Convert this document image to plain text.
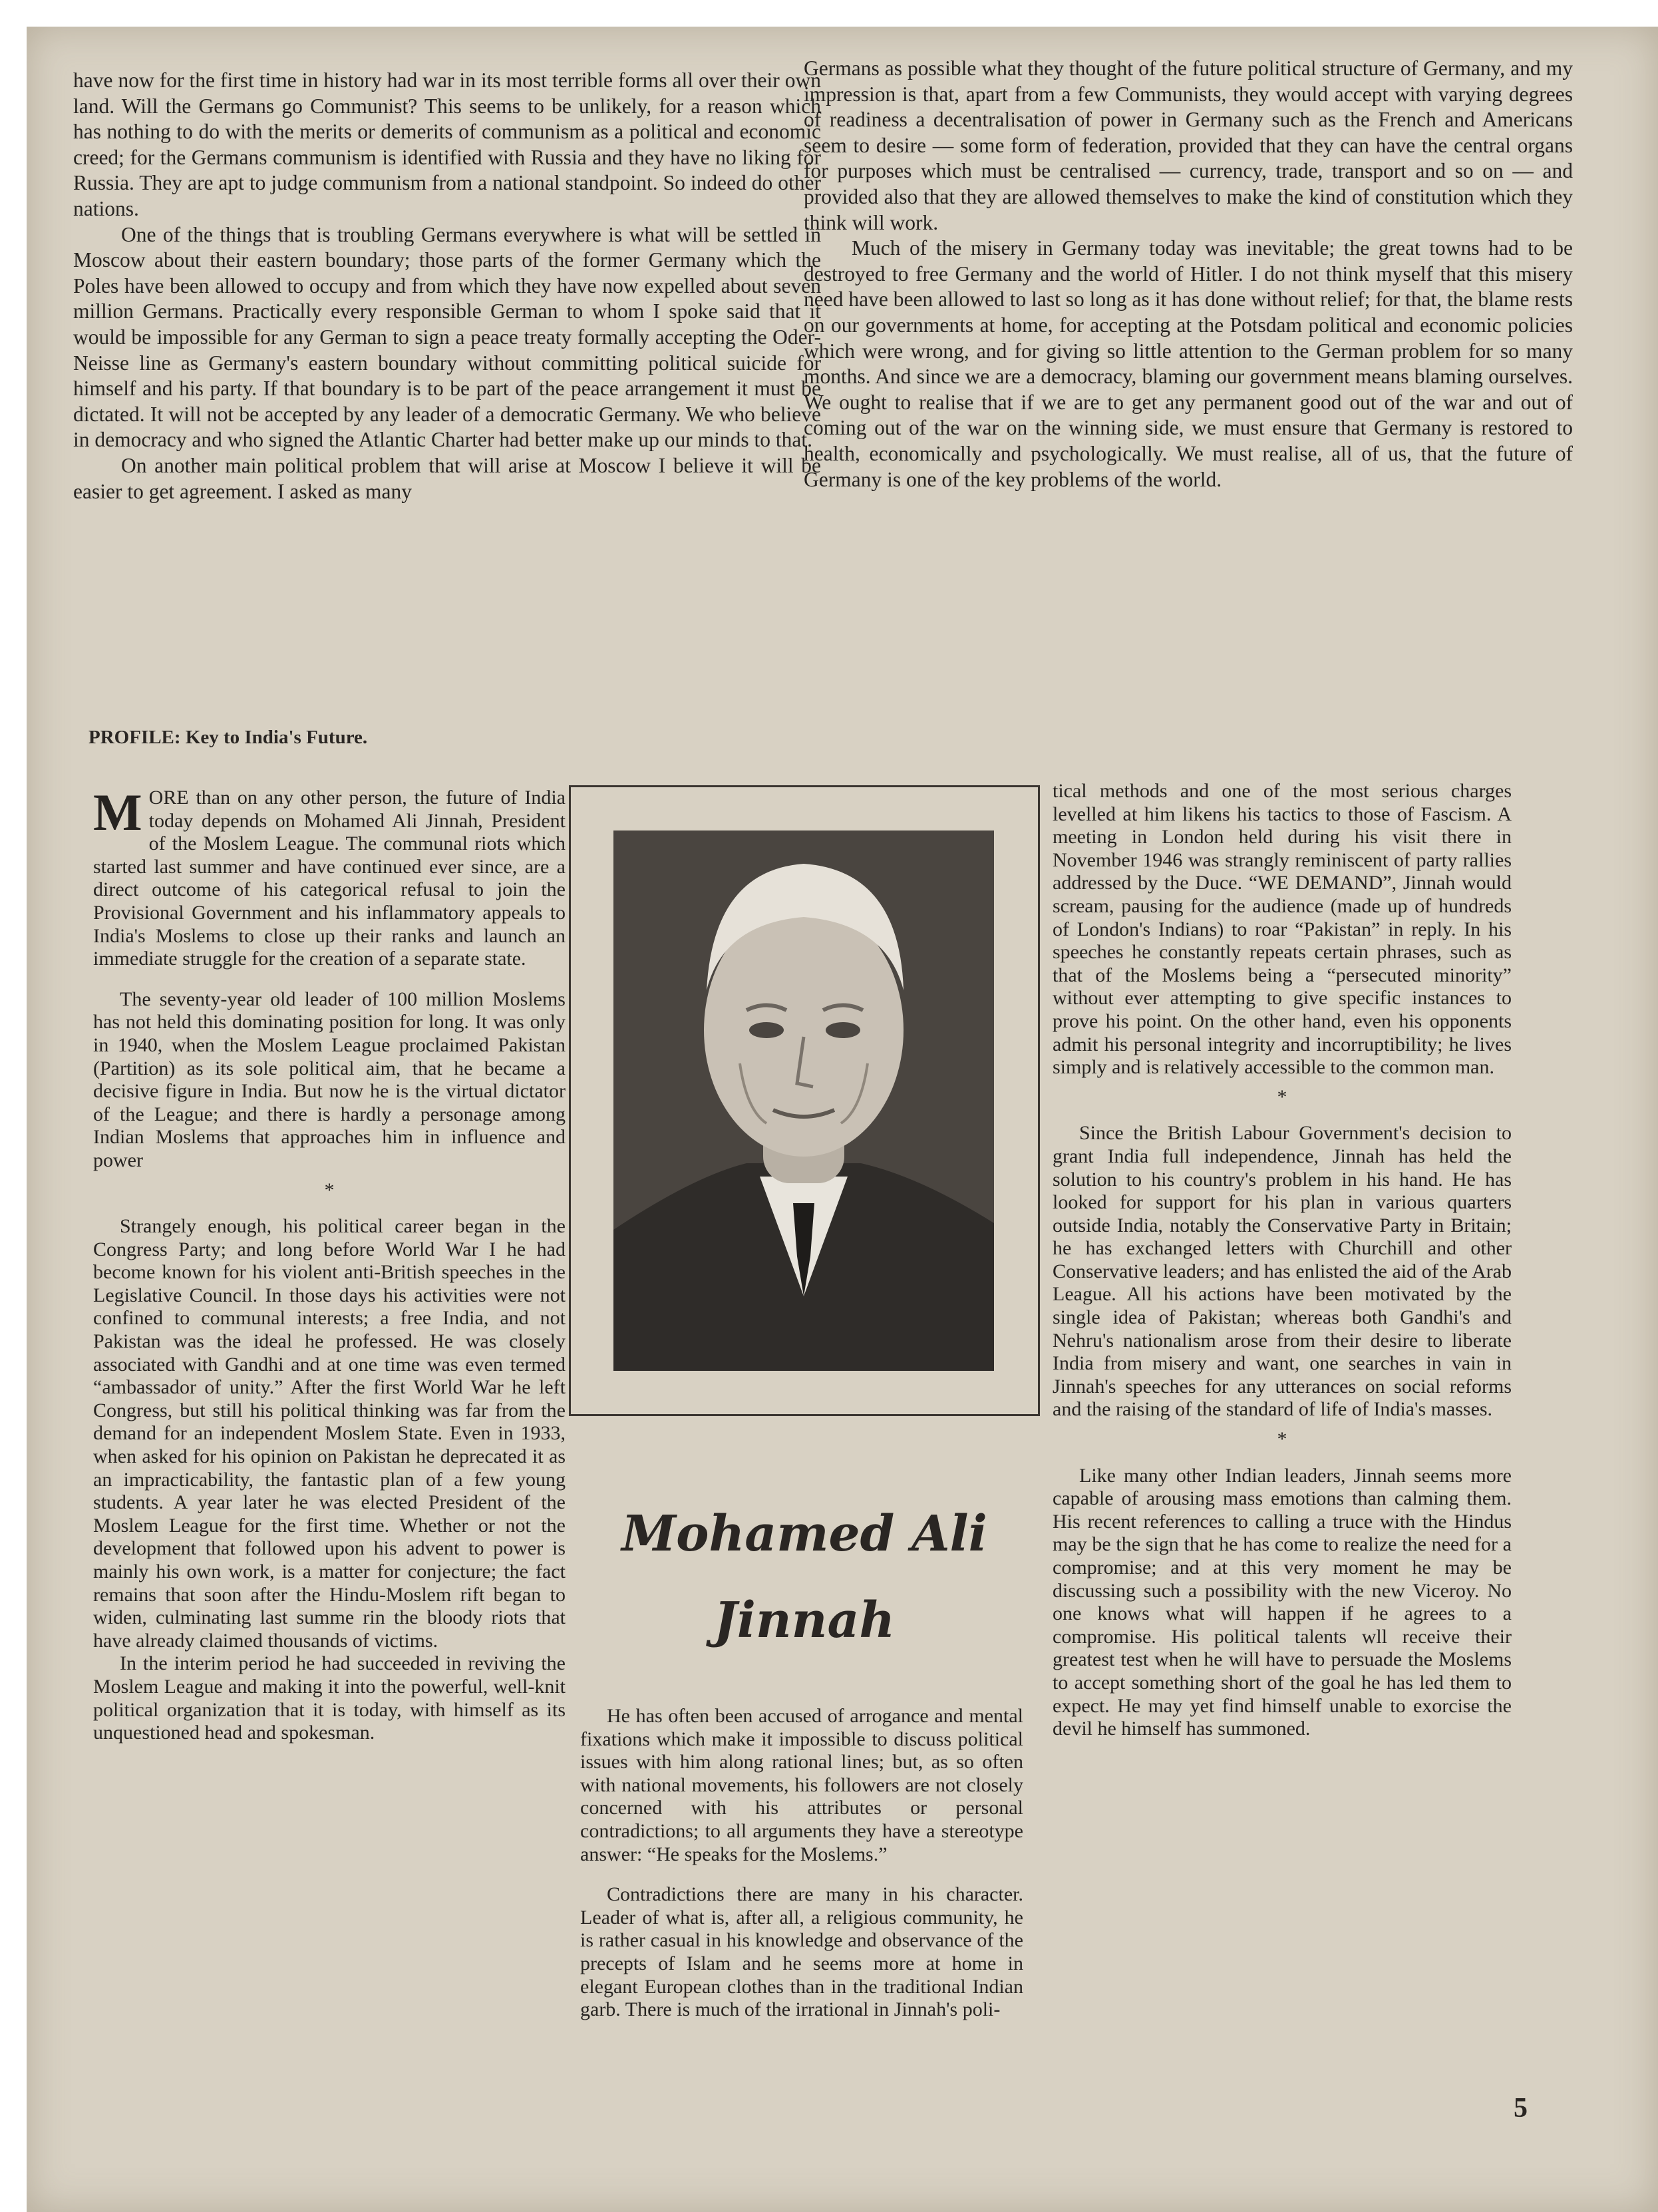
have now for the first time in history had war in its most terrible forms all over their own land. Will the Germans go Communist? This seems to be unlikely, for a reason which has nothing to do with the merits or demerits of communism as a political and economic creed; for the Germans communism is identified with Russia and they have no liking for Russia. They are apt to judge communism from a national standpoint. So indeed do other nations.

One of the things that is troubling Germans everywhere is what will be settled in Moscow about their eastern boundary; those parts of the former Germany which the Poles have been allowed to occupy and from which they have now expelled about seven million Germans. Practically every responsible German to whom I spoke said that it would be impossible for any German to sign a peace treaty formally accepting the Oder-Neisse line as Germany's eastern boundary without committing political suicide for himself and his party. If that boundary is to be part of the peace arrangement it must be dictated. It will not be accepted by any leader of a democratic Germany. We who believe in democracy and who signed the Atlantic Charter had better make up our minds to that.

On another main political problem that will arise at Moscow I believe it will be easier to get agreement. I asked as many

Germans as possible what they thought of the future political structure of Germany, and my impression is that, apart from a few Communists, they would accept with varying degrees of readiness a decentralisation of power in Germany such as the French and Americans seem to desire — some form of federation, provided that they can have the central organs for purposes which must be centralised — currency, trade, transport and so on — and provided also that they are allowed themselves to make the kind of constitution which they think will work.

Much of the misery in Germany today was inevitable; the great towns had to be destroyed to free Germany and the world of Hitler. I do not think myself that this misery need have been allowed to last so long as it has done without relief; for that, the blame rests on our governments at home, for accepting at the Potsdam political and economic policies which were wrong, and for giving so little attention to the German problem for so many months. And since we are a democracy, blaming our government means blaming ourselves. We ought to realise that if we are to get any permanent good out of the war and out of coming out of the war on the winning side, we must ensure that Germany is restored to health, economically and psychologically. We must realise, all of us, that the future of Germany is one of the key problems of the world.

PROFILE: Key to India's Future.

MORE than on any other person, the future of India today depends on Mohamed Ali Jinnah, President of the Moslem League. The communal riots which started last summer and have continued ever since, are a direct outcome of his categorical refusal to join the Provisional Government and his inflammatory appeals to India's Moslems to close up their ranks and launch an immediate struggle for the creation of a separate state.

The seventy-year old leader of 100 million Moslems has not held this dominating position for long. It was only in 1940, when the Moslem League proclaimed Pakistan (Partition) as its sole political aim, that he became a decisive figure in India. But now he is the virtual dictator of the League; and there is hardly a personage among Indian Moslems that approaches him in influence and power

*

Strangely enough, his political career began in the Congress Party; and long before World War I he had become known for his violent anti-British speeches in the Legislative Council. In those days his activities were not confined to communal interests; a free India, and not Pakistan was the ideal he professed. He was closely associated with Gandhi and at one time was even termed “ambassador of unity.” After the first World War he left Congress, but still his political thinking was far from the demand for an independent Moslem State. Even in 1933, when asked for his opinion on Pakistan he deprecated it as an impracticability, the fantastic plan of a few young students. A year later he was elected President of the Moslem League for the first time. Whether or not the development that followed upon his advent to power is mainly his own work, is a matter for conjecture; the fact remains that soon after the Hindu-Moslem rift began to widen, culminating last summe rin the bloody riots that have already claimed thousands of victims.

In the interim period he had succeeded in reviving the Moslem League and making it into the powerful, well-knit political organization that it is today, with himself as its unquestioned head and spokesman.

Mohamed Ali
Jinnah

He has often been accused of arrogance and mental fixations which make it impossible to discuss political issues with him along rational lines; but, as so often with national movements, his followers are not closely concerned with his attributes or personal contradictions; to all arguments they have a stereotype answer: “He speaks for the Moslems.”

Contradictions there are many in his character. Leader of what is, after all, a religious community, he is rather casual in his knowledge and observance of the precepts of Islam and he seems more at home in elegant European clothes than in the traditional Indian garb. There is much of the irrational in Jinnah's poli-

tical methods and one of the most serious charges levelled at him likens his tactics to those of Fascism. A meeting in London held during his visit there in November 1946 was strangly reminiscent of party rallies addressed by the Duce. “WE DEMAND”, Jinnah would scream, pausing for the audience (made up of hundreds of London's Indians) to roar “Pakistan” in reply. In his speeches he constantly repeats certain phrases, such as that of the Moslems being a “persecuted minority” without ever attempting to give specific instances to prove his point. On the other hand, even his opponents admit his personal integrity and incorruptibility; he lives simply and is relatively accessible to the common man.

*

Since the British Labour Government's decision to grant India full independence, Jinnah has held the solution to his country's problem in his hand. He has looked for support for his plan in various quarters outside India, notably the Conservative Party in Britain; he has exchanged letters with Churchill and other Conservative leaders; and has enlisted the aid of the Arab League. All his actions have been motivated by the single idea of Pakistan; whereas both Gandhi's and Nehru's nationalism arose from their desire to liberate India from misery and want, one searches in vain in Jinnah's speeches for any utterances on social reforms and the raising of the standard of life of India's masses.

*

Like many other Indian leaders, Jinnah seems more capable of arousing mass emotions than calming them. His recent references to calling a truce with the Hindus may be the sign that he has come to realize the need for a compromise; and at this very moment he may be discussing such a possibility with the new Viceroy. No one knows what will happen if he agrees to a compromise. His political talents wll receive their greatest test when he will have to persuade the Moslems to accept something short of the goal he has led them to expect. He may yet find himself unable to exorcise the devil he himself has summoned.

5
